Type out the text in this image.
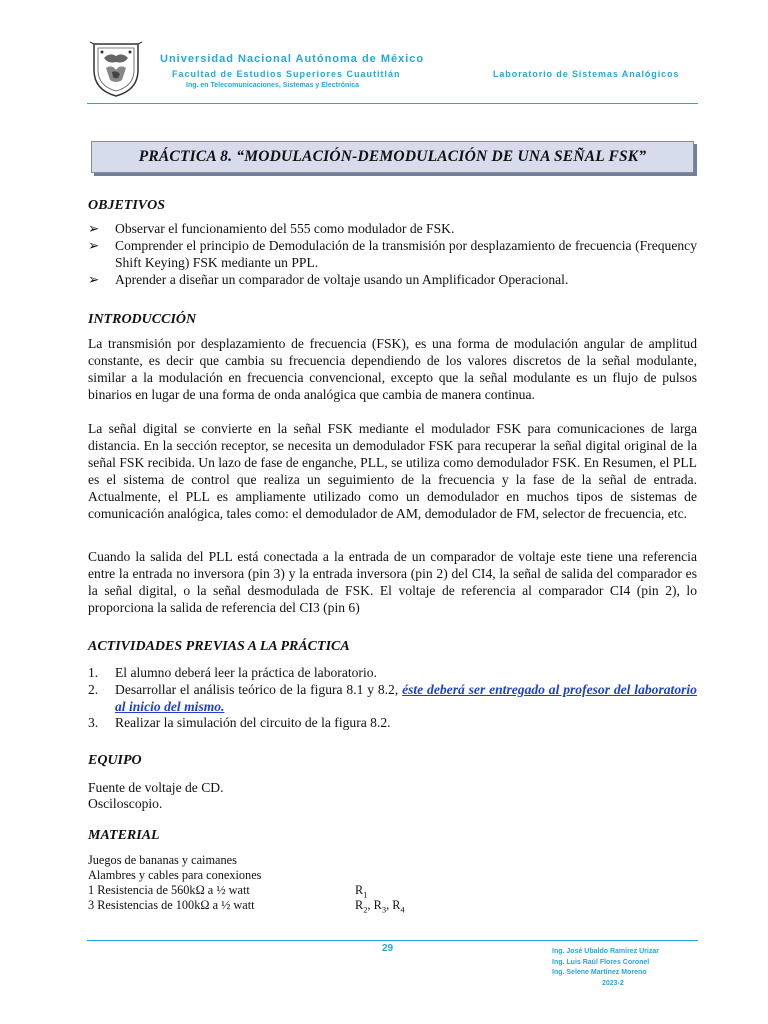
Universidad Nacional Autónoma de México
Facultad de Estudios Superiores Cuautitlán
Ing. en Telecomunicaciones, Sistemas y Electrónica
Laboratorio de Sistemas Analógicos
PRÁCTICA 8. “MODULACIÓN-DEMODULACIÓN DE UNA SEÑAL FSK”
OBJETIVOS
➢ Observar el funcionamiento del 555 como modulador de FSK.
➢ Comprender el principio de Demodulación de la transmisión por desplazamiento de frecuencia (Frequency Shift Keying) FSK mediante un PPL.
➢ Aprender a diseñar un comparador de voltaje usando un Amplificador Operacional.
INTRODUCCIÓN
La transmisión por desplazamiento de frecuencia (FSK), es una forma de modulación angular de amplitud constante, es decir que cambia su frecuencia dependiendo de los valores discretos de la señal modulante, similar a la modulación en frecuencia convencional, excepto que la señal modulante es un flujo de pulsos binarios en lugar de una forma de onda analógica que cambia de manera continua.
La señal digital se convierte en la señal FSK mediante el modulador FSK para comunicaciones de larga distancia. En la sección receptor, se necesita un demodulador FSK para recuperar la señal digital original de la señal FSK recibida. Un lazo de fase de enganche, PLL, se utiliza como demodulador FSK. En Resumen, el PLL es el sistema de control que realiza un seguimiento de la frecuencia y la fase de la señal de entrada. Actualmente, el PLL es ampliamente utilizado como un demodulador en muchos tipos de sistemas de comunicación analógica, tales como: el demodulador de AM, demodulador de FM, selector de frecuencia, etc.
Cuando la salida del PLL está conectada a la entrada de un comparador de voltaje este tiene una referencia entre la entrada no inversora (pin 3) y la entrada inversora (pin 2) del CI4, la señal de salida del comparador es la señal digital, o la señal desmodulada de FSK. El voltaje de referencia al comparador CI4 (pin 2), lo proporciona la salida de referencia del CI3 (pin 6)
ACTIVIDADES PREVIAS A LA PRÁCTICA
1. El alumno deberá leer la práctica de laboratorio.
2. Desarrollar el análisis teórico de la figura 8.1 y 8.2, éste deberá ser entregado al profesor del laboratorio al inicio del mismo.
3. Realizar la simulación del circuito de la figura 8.2.
EQUIPO
Fuente de voltaje de CD.
Osciloscopio.
MATERIAL
Juegos de bananas y caimanes
Alambres y cables para conexiones
1 Resistencia de 560kΩ a ½ watt
3 Resistencias de 100kΩ a ½ watt
$R_1$
$R_2$, $R_3$, $R_4$
29	Ing. José Ubaldo Ramírez Urizar
Ing. Luis Raúl Flores Coronel
Ing. Selene Martínez Moreno
2023-2
